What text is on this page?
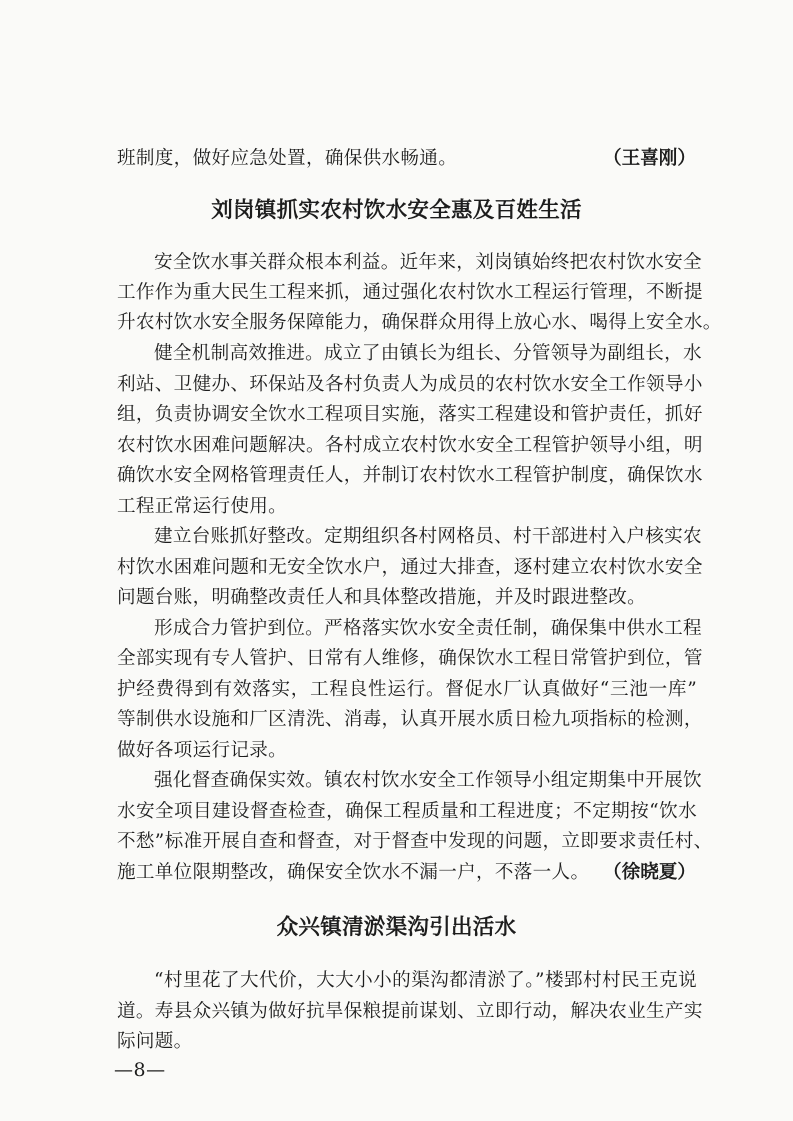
班制度，做好应急处置，确保供水畅通。	（王喜刚）
刘岗镇抓实农村饮水安全惠及百姓生活
安全饮水事关群众根本利益。近年来，刘岗镇始终把农村饮水安全
工作作为重大民生工程来抓，通过强化农村饮水工程运行管理，不断提
升农村饮水安全服务保障能力，确保群众用得上放心水、喝得上安全水。
健全机制高效推进。成立了由镇长为组长、分管领导为副组长，水
利站、卫健办、环保站及各村负责人为成员的农村饮水安全工作领导小
组，负责协调安全饮水工程项目实施，落实工程建设和管护责任，抓好
农村饮水困难问题解决。各村成立农村饮水安全工程管护领导小组，明
确饮水安全网格管理责任人，并制订农村饮水工程管护制度，确保饮水
工程正常运行使用。
建立台账抓好整改。定期组织各村网格员、村干部进村入户核实农
村饮水困难问题和无安全饮水户，通过大排查，逐村建立农村饮水安全
问题台账，明确整改责任人和具体整改措施，并及时跟进整改。
形成合力管护到位。严格落实饮水安全责任制，确保集中供水工程
全部实现有专人管护、日常有人维修，确保饮水工程日常管护到位，管
护经费得到有效落实，工程良性运行。督促水厂认真做好“三池一库”
等制供水设施和厂区清洗、消毒，认真开展水质日检九项指标的检测，
做好各项运行记录。
强化督查确保实效。镇农村饮水安全工作领导小组定期集中开展饮
水安全项目建设督查检查，确保工程质量和工程进度；不定期按“饮水
不愁”标准开展自查和督查，对于督查中发现的问题，立即要求责任村、
施工单位限期整改，确保安全饮水不漏一户，不落一人。 （徐晓夏）
众兴镇清淤渠沟引出活水
“村里花了大代价，大大小小的渠沟都清淤了。”楼郢村村民王克说
道。寿县众兴镇为做好抗旱保粮提前谋划、立即行动，解决农业生产实
际问题。
—8—
